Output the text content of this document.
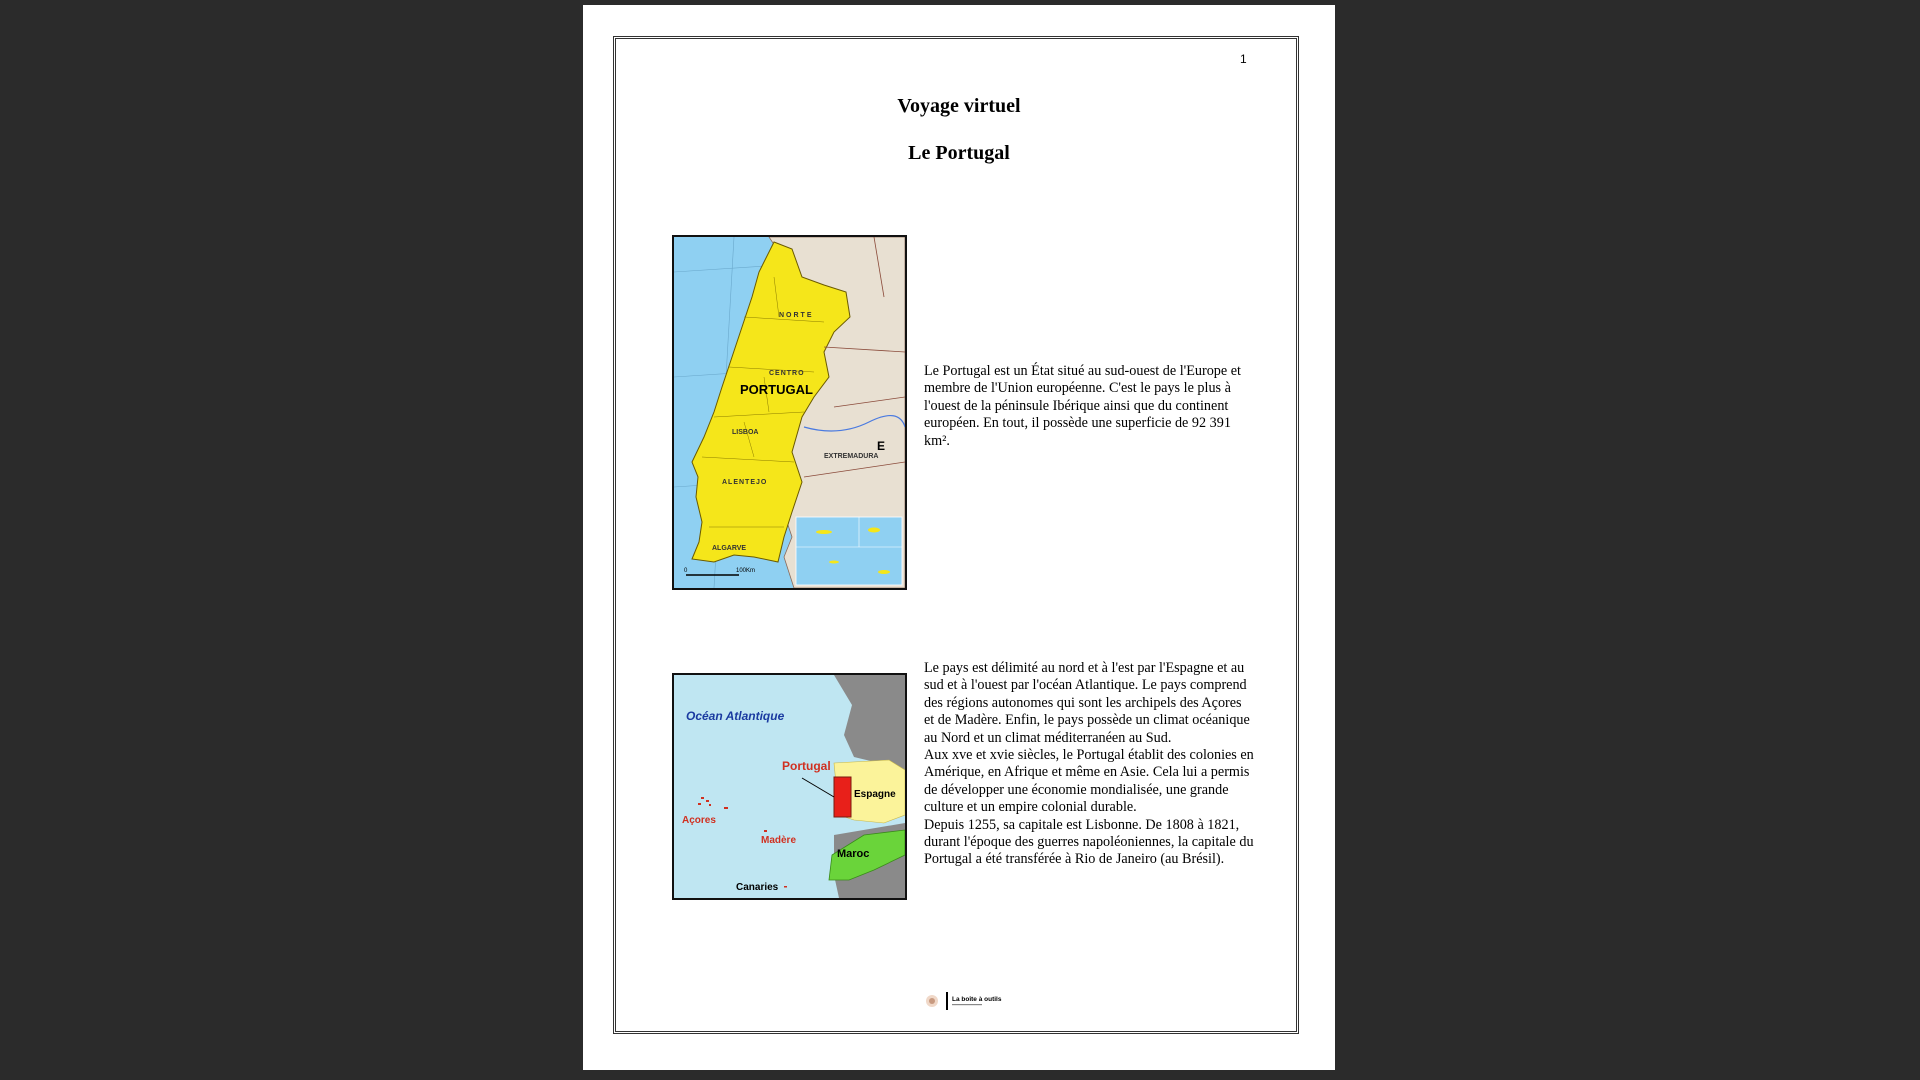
1
Voyage virtuel
Le Portugal
PORTUGAL
NORTE
CENTRO
LISBOA
ALENTEJO
ALGARVE
EXTREMADURA
E
0	100Km
Le Portugal est un État situé au sud-ouest de l'Europe et membre de l'Union européenne. C'est le pays le plus à l'ouest de la péninsule Ibérique ainsi que du continent européen. En tout, il possède une superficie de 92 391 km².
Océan Atlantique
Portugal
Espagne
Açores
Madère
Maroc
Canaries

Le pays est délimité au nord et à l'est par l'Espagne et au sud et à l'ouest par l'océan Atlantique. Le pays comprend des régions autonomes qui sont les archipels des Açores et de Madère. Enfin, le pays possède un climat océanique au Nord et un climat méditerranéen au Sud.

Aux xve et xvie siècles, le Portugal établit des colonies en Amérique, en Afrique et même en Asie. Cela lui a permis de développer une économie mondialisée, une grande culture et un empire colonial durable.

Depuis 1255, sa capitale est Lisbonne. De 1808 à 1821, durant l'époque des guerres napoléoniennes, la capitale du Portugal a été transférée à Rio de Janeiro (au Brésil).

La boîte à outils
